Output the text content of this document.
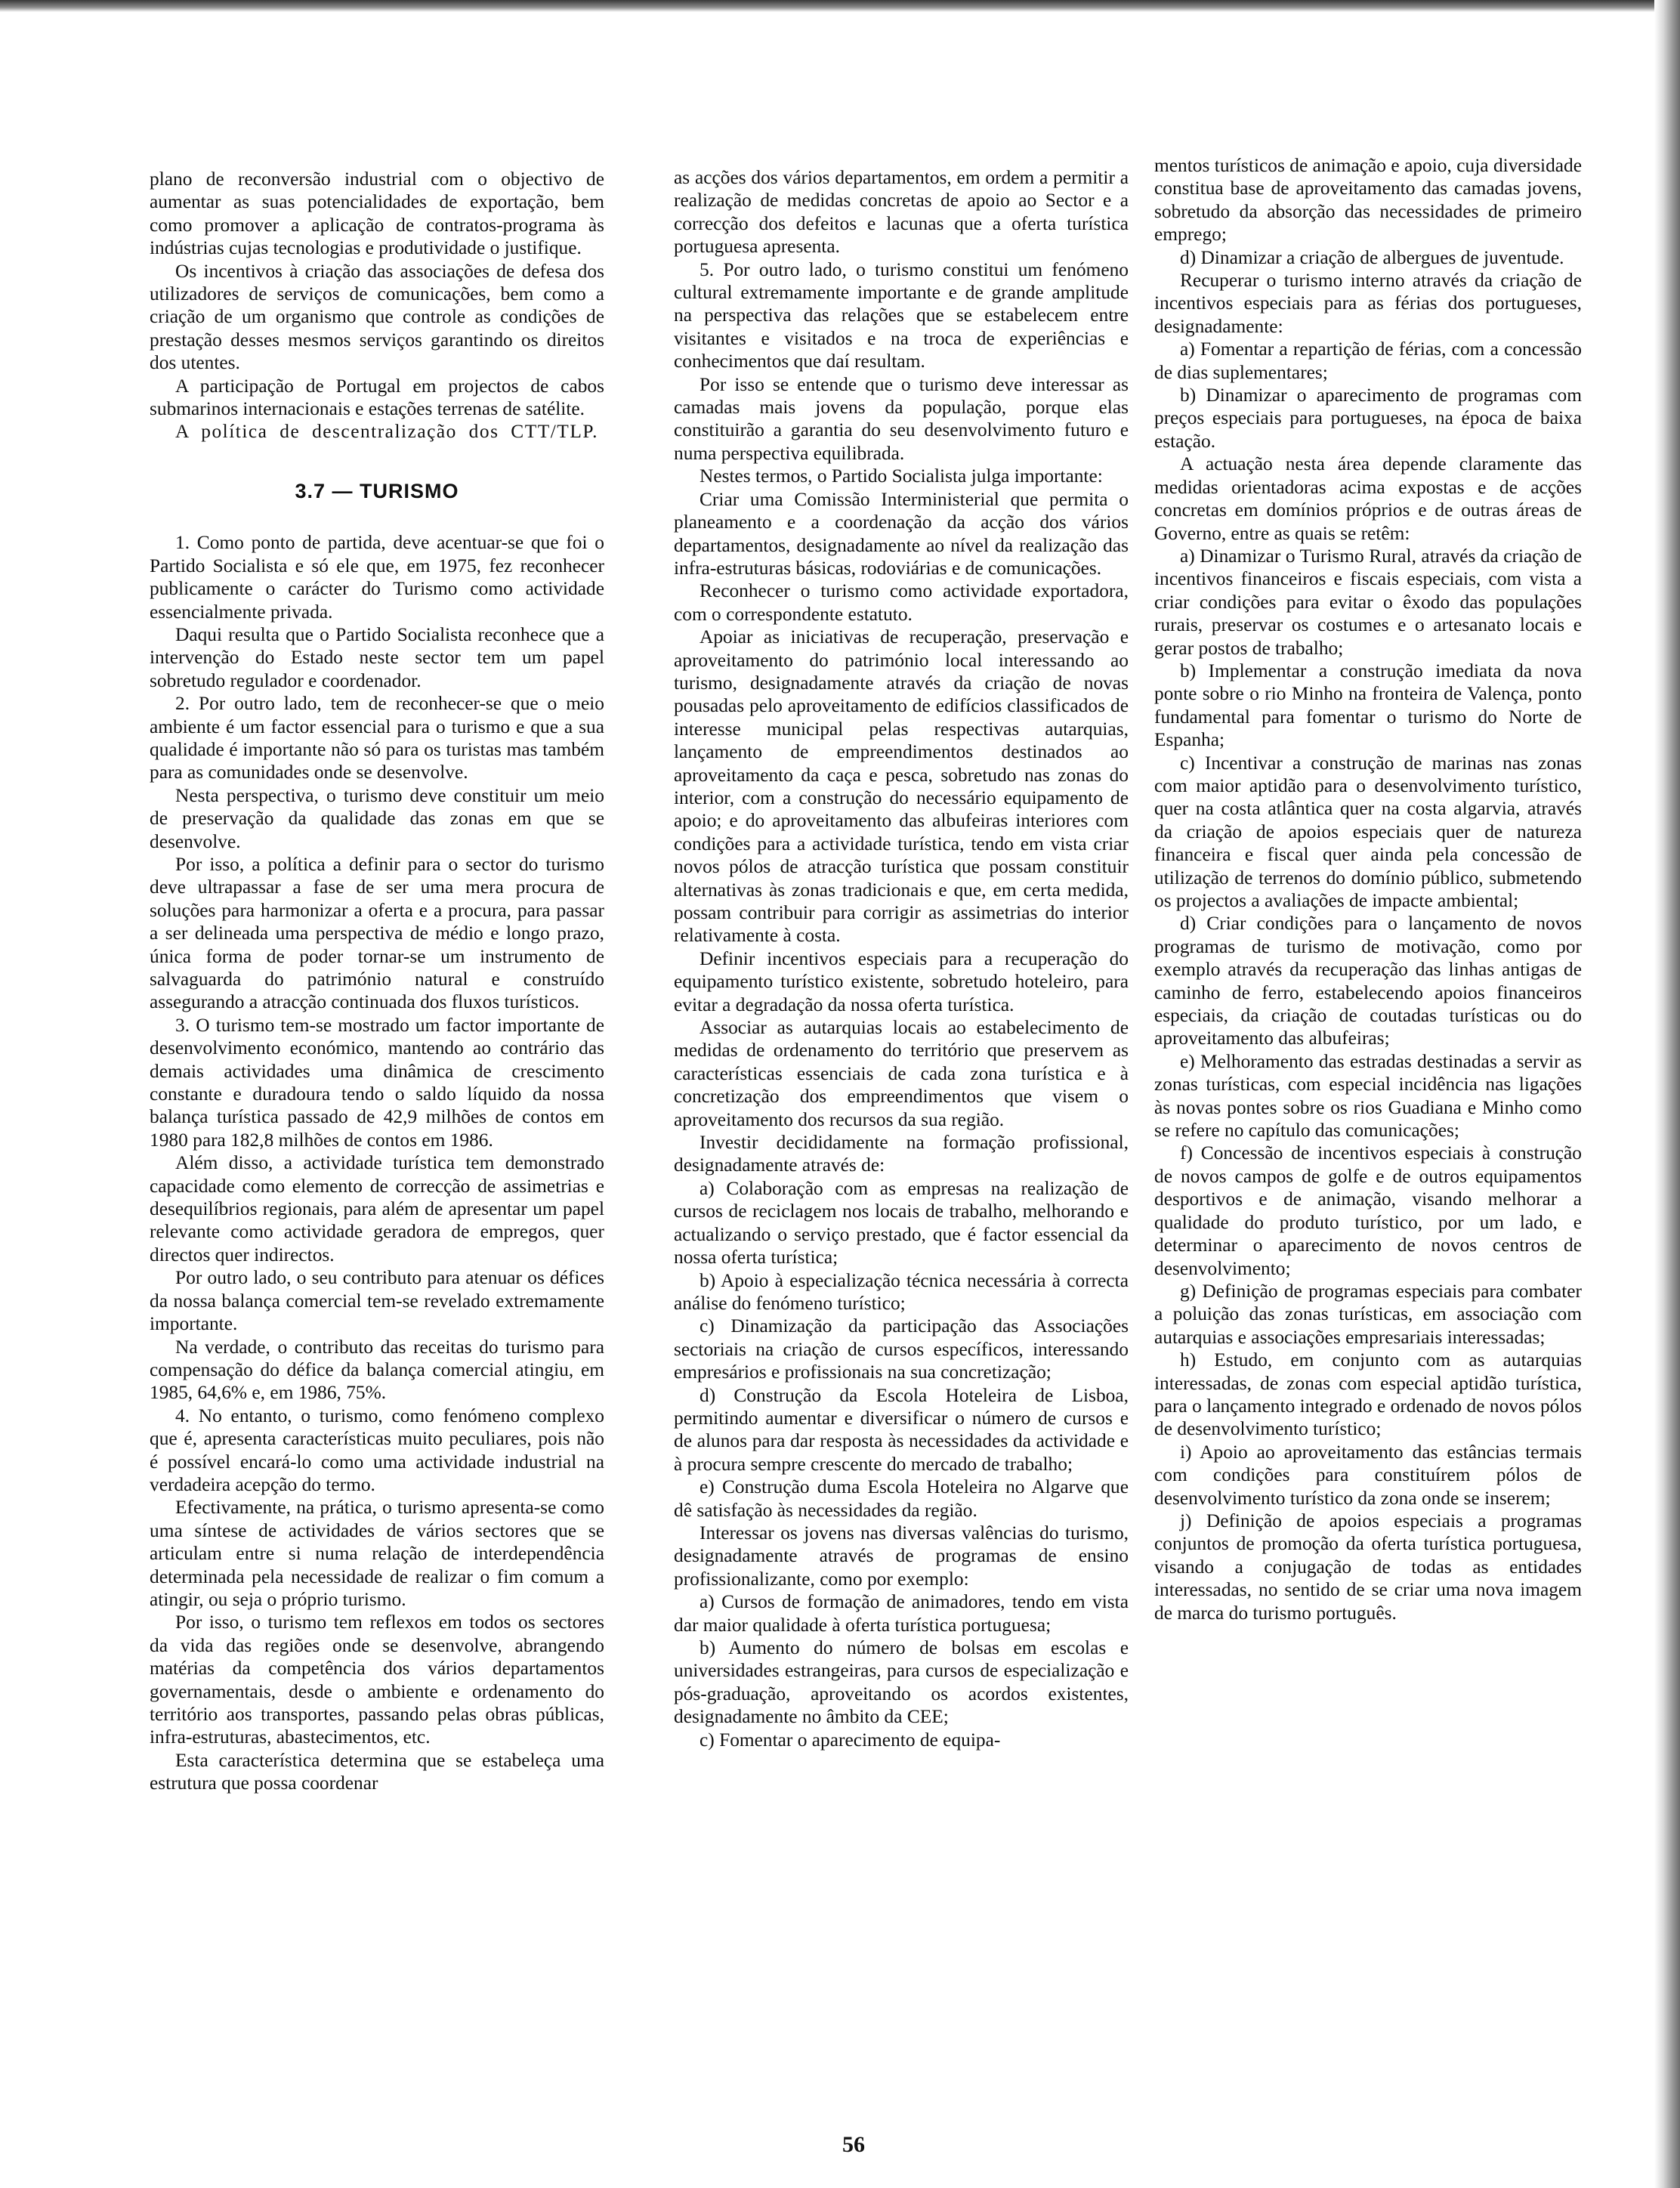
plano de reconversão industrial com o objectivo de aumentar as suas potencialidades de exportação, bem como promover a aplicação de contratos-programa às indústrias cujas tecnologias e produtividade o justifique.

Os incentivos à criação das associações de defesa dos utilizadores de serviços de comunicações, bem como a criação de um organismo que controle as condições de prestação desses mesmos serviços garantindo os direitos dos utentes.

A participação de Portugal em projectos de cabos submarinos internacionais e estações terrenas de satélite.

A política de descentralização dos CTT/TLP.

3.7 — TURISMO

1. Como ponto de partida, deve acentuar-se que foi o Partido Socialista e só ele que, em 1975, fez reconhecer publicamente o carácter do Turismo como actividade essencialmente privada.

Daqui resulta que o Partido Socialista reconhece que a intervenção do Estado neste sector tem um papel sobretudo regulador e coordenador.

2. Por outro lado, tem de reconhecer-se que o meio ambiente é um factor essencial para o turismo e que a sua qualidade é importante não só para os turistas mas também para as comunidades onde se desenvolve.

Nesta perspectiva, o turismo deve constituir um meio de preservação da qualidade das zonas em que se desenvolve.

Por isso, a política a definir para o sector do turismo deve ultrapassar a fase de ser uma mera procura de soluções para harmonizar a oferta e a procura, para passar a ser delineada uma perspectiva de médio e longo prazo, única forma de poder tornar-se um instrumento de salvaguarda do património natural e construído assegurando a atracção continuada dos fluxos turísticos.

3. O turismo tem-se mostrado um factor importante de desenvolvimento económico, mantendo ao contrário das demais actividades uma dinâmica de crescimento constante e duradoura tendo o saldo líquido da nossa balança turística passado de 42,9 milhões de contos em 1980 para 182,8 milhões de contos em 1986.

Além disso, a actividade turística tem demonstrado capacidade como elemento de correcção de assimetrias e desequilíbrios regionais, para além de apresentar um papel relevante como actividade geradora de empregos, quer directos quer indirectos.

Por outro lado, o seu contributo para atenuar os défices da nossa balança comercial tem-se revelado extremamente importante.

Na verdade, o contributo das receitas do turismo para compensação do défice da balança comercial atingiu, em 1985, 64,6% e, em 1986, 75%.

4. No entanto, o turismo, como fenómeno complexo que é, apresenta características muito peculiares, pois não é possível encará-lo como uma actividade industrial na verdadeira acepção do termo.

Efectivamente, na prática, o turismo apresenta-se como uma síntese de actividades de vários sectores que se articulam entre si numa relação de interdependência determinada pela necessidade de realizar o fim comum a atingir, ou seja o próprio turismo.

Por isso, o turismo tem reflexos em todos os sectores da vida das regiões onde se desenvolve, abrangendo matérias da competência dos vários departamentos governamentais, desde o ambiente e ordenamento do território aos transportes, passando pelas obras públicas, infra-estruturas, abastecimentos, etc.

Esta característica determina que se estabeleça uma estrutura que possa coordenar

as acções dos vários departamentos, em ordem a permitir a realização de medidas concretas de apoio ao Sector e a correcção dos defeitos e lacunas que a oferta turística portuguesa apresenta.

5. Por outro lado, o turismo constitui um fenómeno cultural extremamente importante e de grande amplitude na perspectiva das relações que se estabelecem entre visitantes e visitados e na troca de experiências e conhecimentos que daí resultam.

Por isso se entende que o turismo deve interessar as camadas mais jovens da população, porque elas constituirão a garantia do seu desenvolvimento futuro e numa perspectiva equilibrada.

Nestes termos, o Partido Socialista julga importante:

Criar uma Comissão Interministerial que permita o planeamento e a coordenação da acção dos vários departamentos, designadamente ao nível da realização das infra-estruturas básicas, rodoviárias e de comunicações.

Reconhecer o turismo como actividade exportadora, com o correspondente estatuto.

Apoiar as iniciativas de recuperação, preservação e aproveitamento do património local interessando ao turismo, designadamente através da criação de novas pousadas pelo aproveitamento de edifícios classificados de interesse municipal pelas respectivas autarquias, lançamento de empreendimentos destinados ao aproveitamento da caça e pesca, sobretudo nas zonas do interior, com a construção do necessário equipamento de apoio; e do aproveitamento das albufeiras interiores com condições para a actividade turística, tendo em vista criar novos pólos de atracção turística que possam constituir alternativas às zonas tradicionais e que, em certa medida, possam contribuir para corrigir as assimetrias do interior relativamente à costa.

Definir incentivos especiais para a recuperação do equipamento turístico existente, sobretudo hoteleiro, para evitar a degradação da nossa oferta turística.

Associar as autarquias locais ao estabelecimento de medidas de ordenamento do território que preservem as características essenciais de cada zona turística e à concretização dos empreendimentos que visem o aproveitamento dos recursos da sua região.

Investir decididamente na formação profissional, designadamente através de:

a) Colaboração com as empresas na realização de cursos de reciclagem nos locais de trabalho, melhorando e actualizando o serviço prestado, que é factor essencial da nossa oferta turística;

b) Apoio à especialização técnica necessária à correcta análise do fenómeno turístico;

c) Dinamização da participação das Associações sectoriais na criação de cursos específicos, interessando empresários e profissionais na sua concretização;

d) Construção da Escola Hoteleira de Lisboa, permitindo aumentar e diversificar o número de cursos e de alunos para dar resposta às necessidades da actividade e à procura sempre crescente do mercado de trabalho;

e) Construção duma Escola Hoteleira no Algarve que dê satisfação às necessidades da região.

Interessar os jovens nas diversas valências do turismo, designadamente através de programas de ensino profissionalizante, como por exemplo:

a) Cursos de formação de animadores, tendo em vista dar maior qualidade à oferta turística portuguesa;

b) Aumento do número de bolsas em escolas e universidades estrangeiras, para cursos de especialização e pós-graduação, aproveitando os acordos existentes, designadamente no âmbito da CEE;

c) Fomentar o aparecimento de equipa-

mentos turísticos de animação e apoio, cuja diversidade constitua base de aproveitamento das camadas jovens, sobretudo da absorção das necessidades de primeiro emprego;

d) Dinamizar a criação de albergues de juventude.

Recuperar o turismo interno através da criação de incentivos especiais para as férias dos portugueses, designadamente:

a) Fomentar a repartição de férias, com a concessão de dias suplementares;

b) Dinamizar o aparecimento de programas com preços especiais para portugueses, na época de baixa estação.

A actuação nesta área depende claramente das medidas orientadoras acima expostas e de acções concretas em domínios próprios e de outras áreas de Governo, entre as quais se retêm:

a) Dinamizar o Turismo Rural, através da criação de incentivos financeiros e fiscais especiais, com vista a criar condições para evitar o êxodo das populações rurais, preservar os costumes e o artesanato locais e gerar postos de trabalho;

b) Implementar a construção imediata da nova ponte sobre o rio Minho na fronteira de Valença, ponto fundamental para fomentar o turismo do Norte de Espanha;

c) Incentivar a construção de marinas nas zonas com maior aptidão para o desenvolvimento turístico, quer na costa atlântica quer na costa algarvia, através da criação de apoios especiais quer de natureza financeira e fiscal quer ainda pela concessão de utilização de terrenos do domínio público, submetendo os projectos a avaliações de impacte ambiental;

d) Criar condições para o lançamento de novos programas de turismo de motivação, como por exemplo através da recuperação das linhas antigas de caminho de ferro, estabelecendo apoios financeiros especiais, da criação de coutadas turísticas ou do aproveitamento das albufeiras;

e) Melhoramento das estradas destinadas a servir as zonas turísticas, com especial incidência nas ligações às novas pontes sobre os rios Guadiana e Minho como se refere no capítulo das comunicações;

f) Concessão de incentivos especiais à construção de novos campos de golfe e de outros equipamentos desportivos e de animação, visando melhorar a qualidade do produto turístico, por um lado, e determinar o aparecimento de novos centros de desenvolvimento;

g) Definição de programas especiais para combater a poluição das zonas turísticas, em associação com autarquias e associações empresariais interessadas;

h) Estudo, em conjunto com as autarquias interessadas, de zonas com especial aptidão turística, para o lançamento integrado e ordenado de novos pólos de desenvolvimento turístico;

i) Apoio ao aproveitamento das estâncias termais com condições para constituírem pólos de desenvolvimento turístico da zona onde se inserem;

j) Definição de apoios especiais a programas conjuntos de promoção da oferta turística portuguesa, visando a conjugação de todas as entidades interessadas, no sentido de se criar uma nova imagem de marca do turismo português.

56
